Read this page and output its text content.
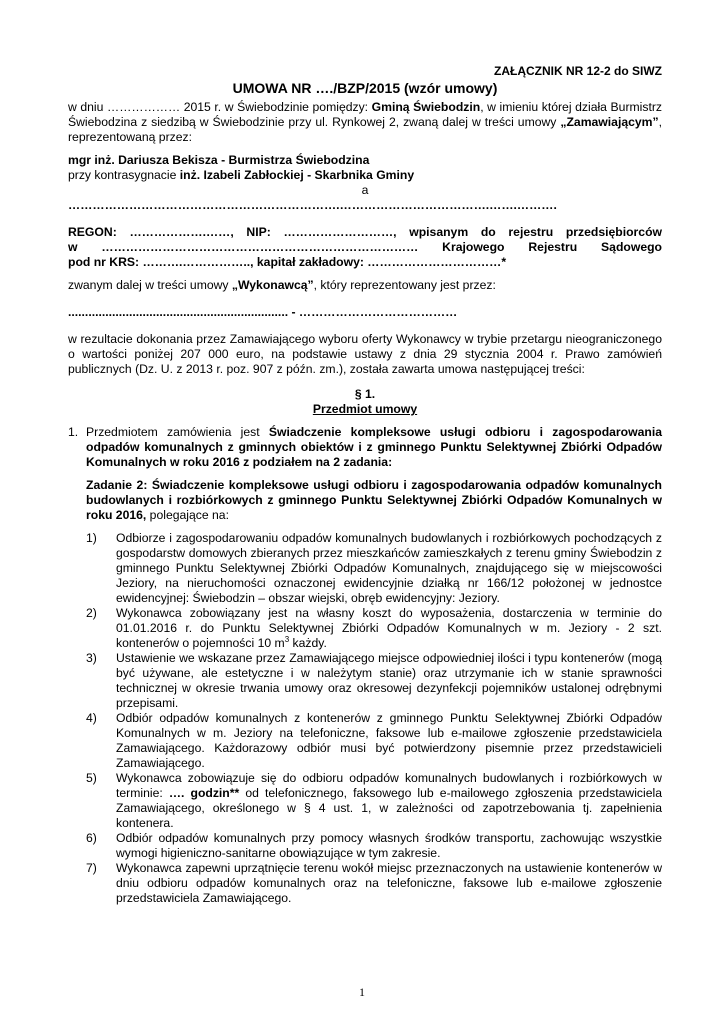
ZAŁĄCZNIK NR 12-2 do SIWZ

UMOWA NR …./BZP/2015 (wzór umowy)

w dniu ……………… 2015 r. w Świebodzinie pomiędzy: Gminą Świebodzin, w imieniu której działa Burmistrz Świebodzina z siedzibą w Świebodzinie przy ul. Rynkowej 2, zwaną dalej w treści umowy „Zamawiającym”, reprezentowaną przez:

mgr inż. Dariusza Bekisza - Burmistrza Świebodzina

przy kontrasygnacie inż. Izabeli Zabłockiej - Skarbnika Gminy

a

………………………………………………………….……………………………….…….……….

REGON: ……………….……, NIP: ………………………, wpisanym do rejestru przedsiębiorców

w …………………………………………………………………… Krajowego Rejestru Sądowego

pod nr KRS: ……….…………….., kapitał zakładowy: ……………………………*

zwanym dalej w treści umowy „Wykonawcą”, który reprezentowany jest przez:

................................................................. - …………………………………

w rezultacie dokonania przez Zamawiającego wyboru oferty Wykonawcy w trybie przetargu nieograniczonego o wartości poniżej 207 000 euro, na podstawie ustawy z dnia 29 stycznia 2004 r. Prawo zamówień publicznych (Dz. U. z 2013 r. poz. 907 z późn. zm.), została zawarta umowa następującej treści:

§ 1.

Przedmiot umowy

1. Przedmiotem zamówienia jest Świadczenie kompleksowe usługi odbioru i zagospodarowania odpadów komunalnych z gminnych obiektów i z gminnego Punktu Selektywnej Zbiórki Odpadów Komunalnych w roku 2016 z podziałem na 2 zadania:

Zadanie 2: Świadczenie kompleksowe usługi odbioru i zagospodarowania odpadów komunalnych budowlanych i rozbiórkowych z gminnego Punktu Selektywnej Zbiórki Odpadów Komunalnych w roku 2016, polegające na:

1) Odbiorze i zagospodarowaniu odpadów komunalnych budowlanych i rozbiórkowych pochodzących z gospodarstw domowych zbieranych przez mieszkańców zamieszkałych z terenu gminy Świebodzin z gminnego Punktu Selektywnej Zbiórki Odpadów Komunalnych, znajdującego się w miejscowości Jeziory, na nieruchomości oznaczonej ewidencyjnie działką nr 166/12 położonej w jednostce ewidencyjnej: Świebodzin – obszar wiejski, obręb ewidencyjny: Jeziory.

2) Wykonawca zobowiązany jest na własny koszt do wyposażenia, dostarczenia w terminie do 01.01.2016 r. do Punktu Selektywnej Zbiórki Odpadów Komunalnych w m. Jeziory - 2 szt. kontenerów o pojemności 10 $m^3$ każdy.

3) Ustawienie we wskazane przez Zamawiającego miejsce odpowiedniej ilości i typu kontenerów (mogą być używane, ale estetyczne i w należytym stanie) oraz utrzymanie ich w stanie sprawności technicznej w okresie trwania umowy oraz okresowej dezynfekcji pojemników ustalonej odrębnymi przepisami.

4) Odbiór odpadów komunalnych z kontenerów z gminnego Punktu Selektywnej Zbiórki Odpadów Komunalnych w m. Jeziory na telefoniczne, faksowe lub e-mailowe zgłoszenie przedstawiciela Zamawiającego. Każdorazowy odbiór musi być potwierdzony pisemnie przez przedstawicieli Zamawiającego.

5) Wykonawca zobowiązuje się do odbioru odpadów komunalnych budowlanych i rozbiórkowych w terminie: …. godzin** od telefonicznego, faksowego lub e-mailowego zgłoszenia przedstawiciela Zamawiającego, określonego w § 4 ust. 1, w zależności od zapotrzebowania tj. zapełnienia kontenera.

6) Odbiór odpadów komunalnych przy pomocy własnych środków transportu, zachowując wszystkie wymogi higieniczno-sanitarne obowiązujące w tym zakresie.

7) Wykonawca zapewni uprzątnięcie terenu wokół miejsc przeznaczonych na ustawienie kontenerów w dniu odbioru odpadów komunalnych oraz na telefoniczne, faksowe lub e-mailowe zgłoszenie przedstawiciela Zamawiającego.

1
